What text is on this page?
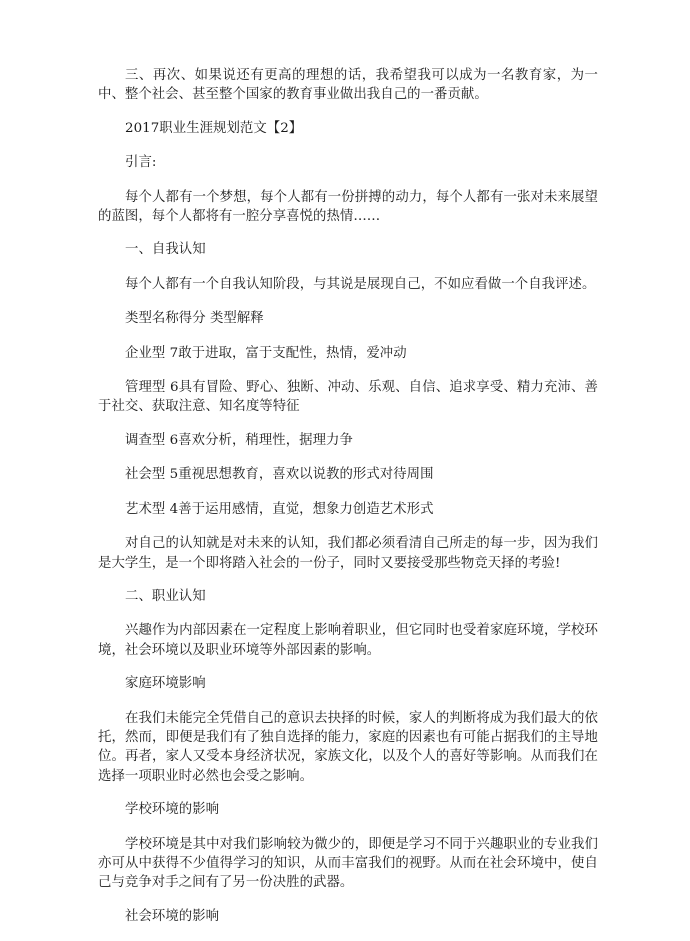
三、再次、如果说还有更高的理想的话，我希望我可以成为一名教育家，为一中、整个社会、甚至整个国家的教育事业做出我自己的一番贡献。

2017职业生涯规划范文【2】

引言:

每个人都有一个梦想，每个人都有一份拼搏的动力，每个人都有一张对未来展望的蓝图，每个人都将有一腔分享喜悦的热情……

一、自我认知

每个人都有一个自我认知阶段，与其说是展现自己，不如应看做一个自我评述。

类型名称得分 类型解释

企业型 7敢于进取，富于支配性，热情，爱冲动

管理型 6具有冒险、野心、独断、冲动、乐观、自信、追求享受、精力充沛、善于社交、获取注意、知名度等特征

调查型 6喜欢分析，稍理性，据理力争

社会型 5重视思想教育，喜欢以说教的形式对待周围

艺术型 4善于运用感情，直觉，想象力创造艺术形式

对自己的认知就是对未来的认知，我们都必须看清自己所走的每一步，因为我们是大学生，是一个即将踏入社会的一份子，同时又要接受那些物竞天择的考验!

二、职业认知

兴趣作为内部因素在一定程度上影响着职业，但它同时也受着家庭环境，学校环境，社会环境以及职业环境等外部因素的影响。

家庭环境影响

在我们未能完全凭借自己的意识去抉择的时候，家人的判断将成为我们最大的依托，然而，即便是我们有了独自选择的能力，家庭的因素也有可能占据我们的主导地位。再者，家人又受本身经济状况，家族文化，以及个人的喜好等影响。从而我们在选择一项职业时必然也会受之影响。

学校环境的影响

学校环境是其中对我们影响较为微少的，即便是学习不同于兴趣职业的专业我们亦可从中获得不少值得学习的知识，从而丰富我们的视野。从而在社会环境中，使自己与竞争对手之间有了另一份决胜的武器。

社会环境的影响
